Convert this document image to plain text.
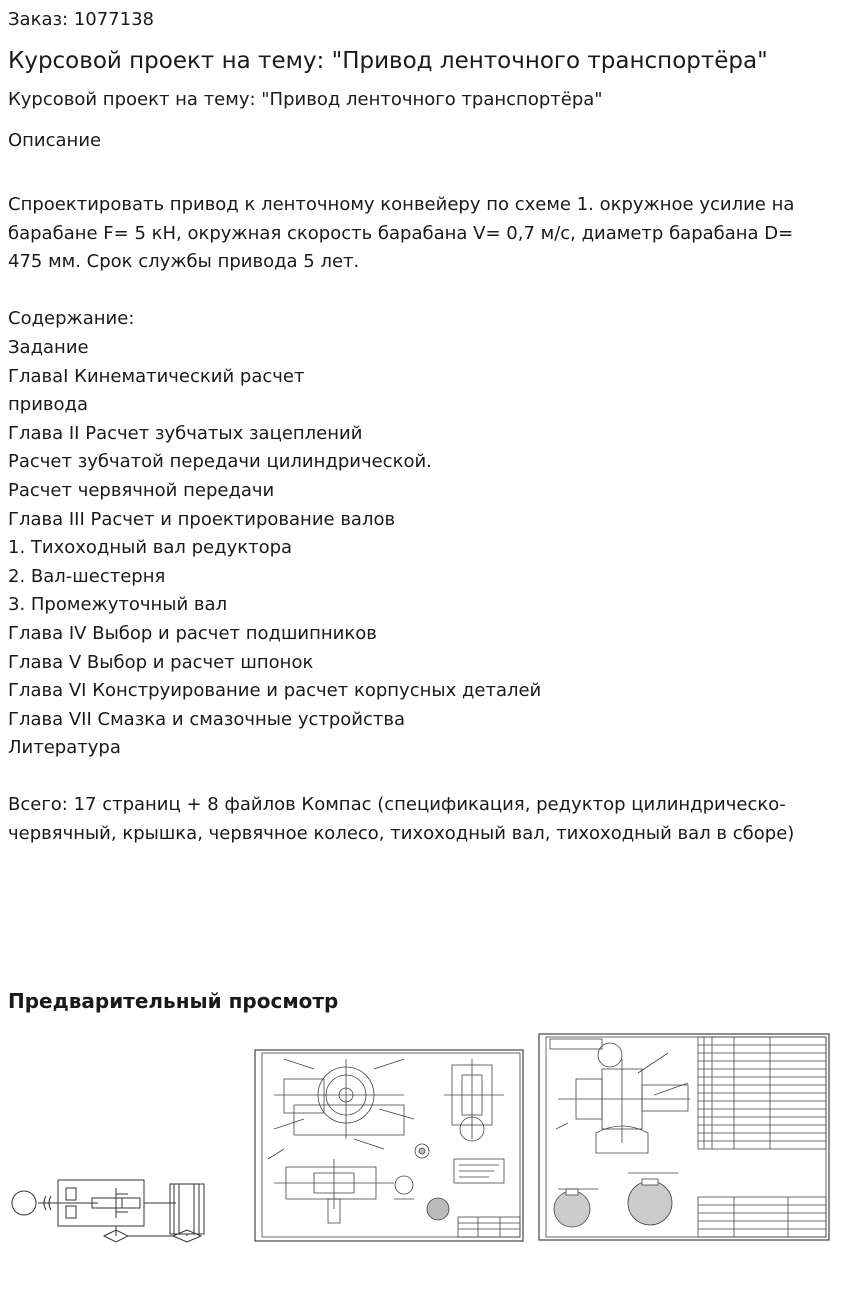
Заказ: 1077138
Курсовой проект на тему: "Привод ленточного транспортёра"
Курсовой проект на тему: "Привод ленточного транспортёра"
Описание
Спроектировать привод к ленточному конвейеру по схеме 1. окружное усилие на
барабане F= 5 кН, окружная скорость барабана V= 0,7 м/с, диаметр барабана D=
475 мм. Срок службы привода 5 лет.
Содержание:
Задание
ГлаваI Кинематический расчет
привода
Глава II Расчет зубчатых зацеплений
Расчет зубчатой передачи цилиндрической.
Расчет червячной передачи
Глава III Расчет и проектирование валов
1. Тихоходный вал редуктора
2. Вал-шестерня
3. Промежуточный вал
Глава IV Выбор и расчет подшипников
Глава V Выбор и расчет шпонок
Глава VI Конструирование и расчет корпусных деталей
Глава VII Смазка и смазочные устройства
Литература
Всего: 17 страниц + 8 файлов Компас (спецификация, редуктор цилиндрическо-
червячный, крышка, червячное колесо, тихоходный вал, тихоходный вал в сборе)
Предварительный просмотр
